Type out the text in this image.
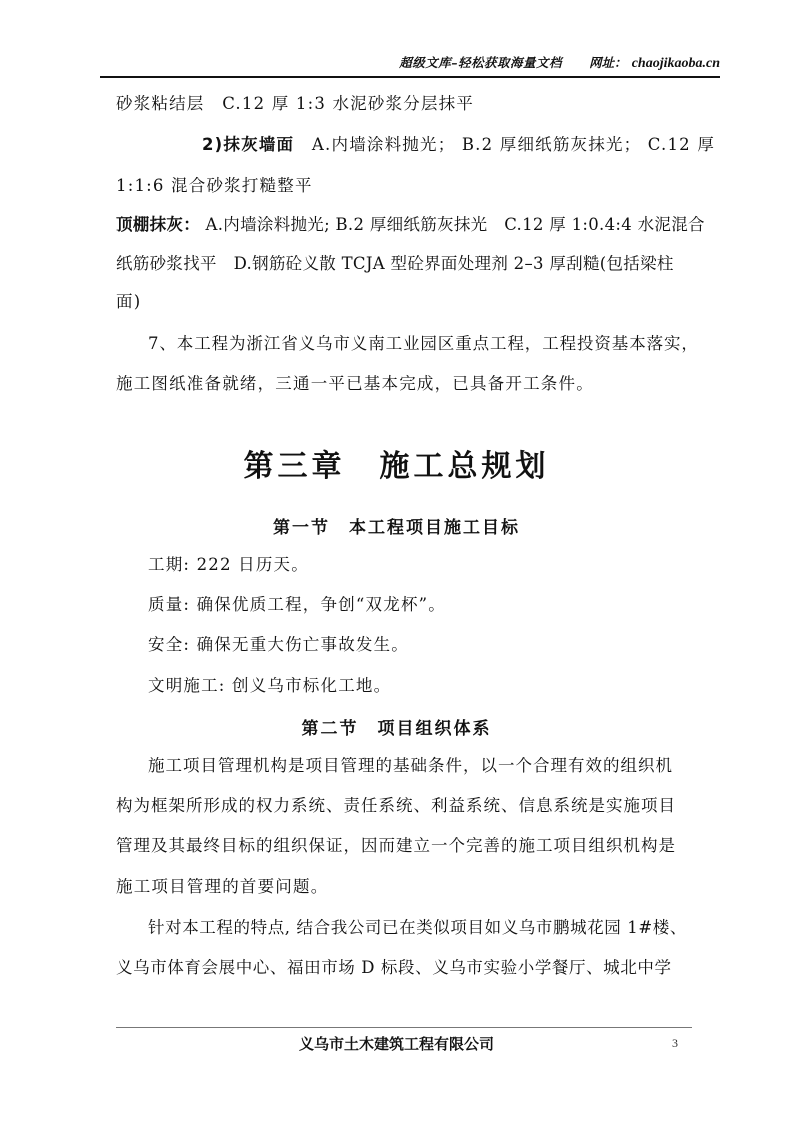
超级文库–轻松获取海量文档 网址： chaojikaoba.cn
砂浆粘结层　C.12 厚 1:3 水泥砂浆分层抹平
2)抹灰墙面　A.内墙涂料抛光； B.2 厚细纸筋灰抹光； C.12 厚
1:1:6 混合砂浆打糙整平
顶棚抹灰： A.内墙涂料抛光; B.2 厚细纸筋灰抹光　C.12 厚 1:0.4:4 水泥混合
纸筋砂浆找平　D.钢筋砼义散 TCJA 型砼界面处理剂 2–3 厚刮糙(包括梁柱
面)
7、本工程为浙江省义乌市义南工业园区重点工程，工程投资基本落实，
施工图纸准备就绪，三通一平已基本完成，已具备开工条件。
第三章　施工总规划
第一节　本工程项目施工目标
工期: 222 日历天。
质量: 确保优质工程，争创“双龙杯”。
安全: 确保无重大伤亡事故发生。
文明施工: 创义乌市标化工地。
第二节　项目组织体系
施工项目管理机构是项目管理的基础条件，以一个合理有效的组织机
构为框架所形成的权力系统、责任系统、利益系统、信息系统是实施项目
管理及其最终目标的组织保证，因而建立一个完善的施工项目组织机构是
施工项目管理的首要问题。
针对本工程的特点, 结合我公司已在类似项目如义乌市鹏城花园 1#楼、
义乌市体育会展中心、福田市场 D 标段、义乌市实验小学餐厅、城北中学
义乌市土木建筑工程有限公司	3
